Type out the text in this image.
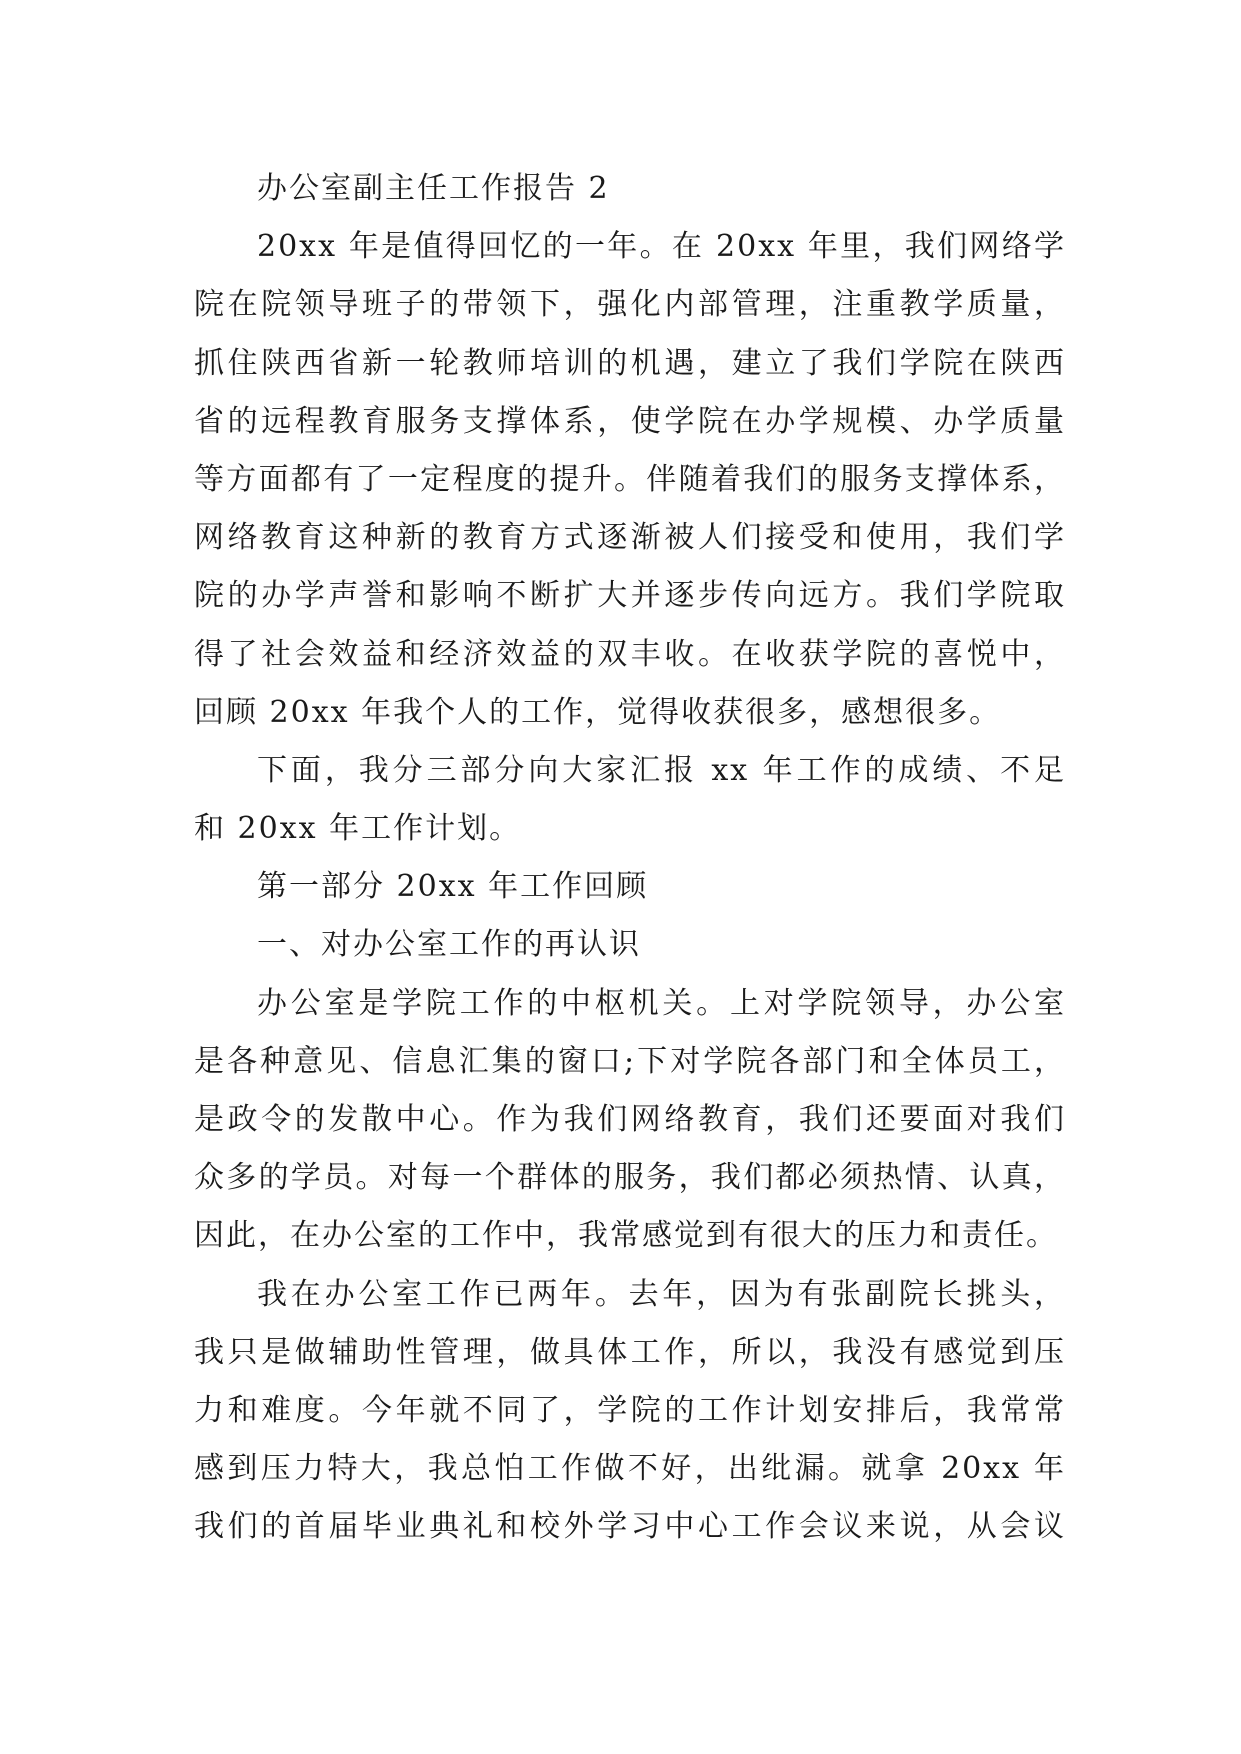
办公室副主任工作报告 2
20xx 年是值得回忆的一年。在 20xx 年里，我们网络学
院在院领导班子的带领下，强化内部管理，注重教学质量，
抓住陕西省新一轮教师培训的机遇，建立了我们学院在陕西
省的远程教育服务支撑体系，使学院在办学规模、办学质量
等方面都有了一定程度的提升。伴随着我们的服务支撑体系，
网络教育这种新的教育方式逐渐被人们接受和使用，我们学
院的办学声誉和影响不断扩大并逐步传向远方。我们学院取
得了社会效益和经济效益的双丰收。在收获学院的喜悦中，
回顾 20xx 年我个人的工作，觉得收获很多，感想很多。
下面，我分三部分向大家汇报 xx 年工作的成绩、不足
和 20xx 年工作计划。
第一部分 20xx 年工作回顾
一、对办公室工作的再认识
办公室是学院工作的中枢机关。上对学院领导，办公室
是各种意见、信息汇集的窗口;下对学院各部门和全体员工，
是政令的发散中心。作为我们网络教育，我们还要面对我们
众多的学员。对每一个群体的服务，我们都必须热情、认真，
因此，在办公室的工作中，我常感觉到有很大的压力和责任。
我在办公室工作已两年。去年，因为有张副院长挑头，
我只是做辅助性管理，做具体工作，所以，我没有感觉到压
力和难度。今年就不同了，学院的工作计划安排后，我常常
感到压力特大，我总怕工作做不好，出纰漏。就拿 20xx 年
我们的首届毕业典礼和校外学习中心工作会议来说，从会议
